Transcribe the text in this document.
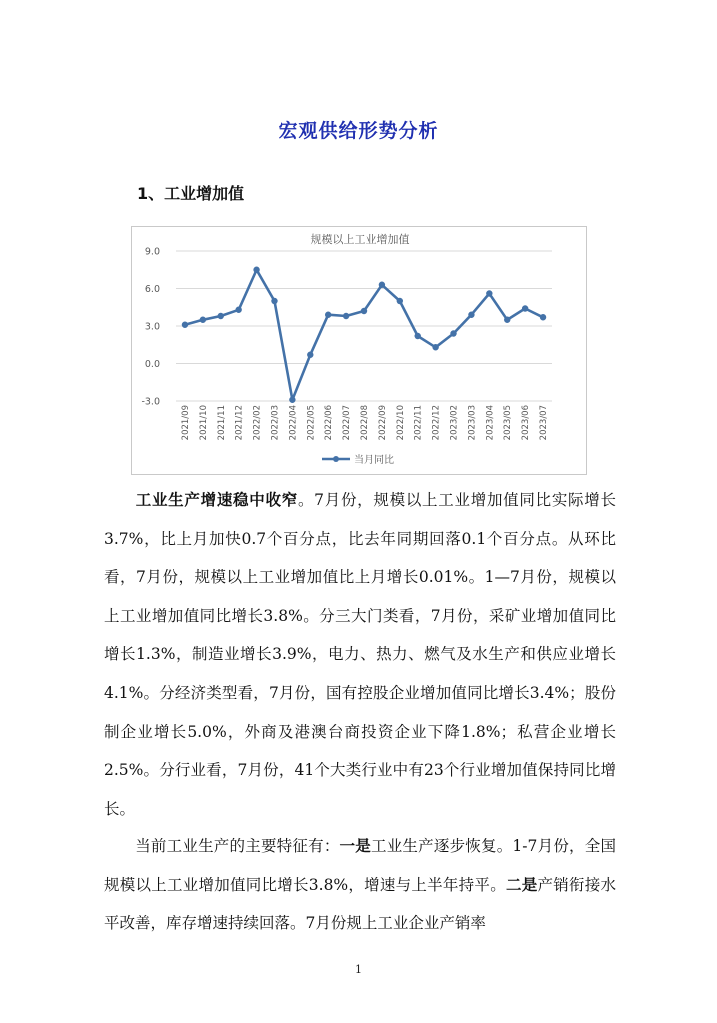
宏观供给形势分析
1、工业增加值
规模以上工业增加值
9.0
6.0
3.0
0.0
-3.0
2021/09 2021/10 2021/11 2021/12 2022/02 2022/03 2022/04 2022/05 2022/06 2022/07 2022/08 2022/09 2022/10 2022/11 2022/12 2023/02 2023/03 2023/04 2023/05 2023/06 2023/07
当月同比

工业生产增速稳中收窄。7月份，规模以上工业增加值同比实际增长3.7%，比上月加快0.7个百分点，比去年同期回落0.1个百分点。从环比看，7月份，规模以上工业增加值比上月增长0.01%。1—7月份，规模以上工业增加值同比增长3.8%。分三大门类看，7月份，采矿业增加值同比增长1.3%，制造业增长3.9%，电力、热力、燃气及水生产和供应业增长4.1%。分经济类型看，7月份，国有控股企业增加值同比增长3.4%；股份制企业增长5.0%，外商及港澳台商投资企业下降1.8%；私营企业增长2.5%。分行业看，7月份，41个大类行业中有23个行业增加值保持同比增长。

当前工业生产的主要特征有：一是工业生产逐步恢复。1-7月份，全国规模以上工业增加值同比增长3.8%，增速与上半年持平。二是产销衔接水平改善，库存增速持续回落。7月份规上工业企业产销率

1
